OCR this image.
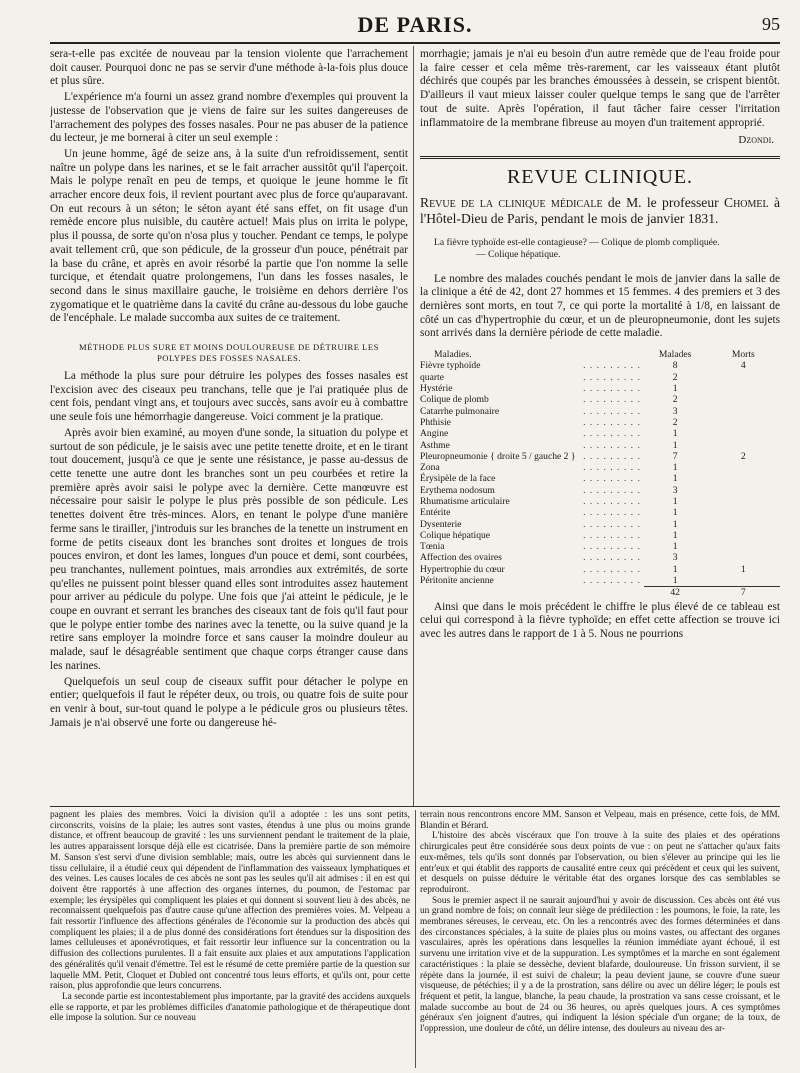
DE PARIS.	95

sera-t-elle pas excitée de nouveau par la tension violente que l'arrachement doit causer. Pourquoi donc ne pas se servir d'une méthode à-la-fois plus douce et plus sûre.

L'expérience m'a fourni un assez grand nombre d'exemples qui prouvent la justesse de l'observation que je viens de faire sur les suites dangereuses de l'arrachement des polypes des fosses nasales. Pour ne pas abuser de la patience du lecteur, je me bornerai à citer un seul exemple :

Un jeune homme, âgé de seize ans, à la suite d'un refroidissement, sentit naître un polype dans les narines, et se le fait arracher aussitôt qu'il l'aperçoit. Mais le polype renaît en peu de temps, et quoique le jeune homme le fît arracher encore deux fois, il revient pourtant avec plus de force qu'auparavant. On eut recours à un séton; le séton ayant été sans effet, on fit usage d'un remède encore plus nuisible, du cautère actuel! Mais plus on irrita le polype, plus il poussa, de sorte qu'on n'osa plus y toucher. Pendant ce temps, le polype avait tellement crû, que son pédicule, de la grosseur d'un pouce, pénétrait par la base du crâne, et après en avoir résorbé la partie que l'on nomme la selle turcique, et étendait quatre prolongemens, l'un dans les fosses nasales, le second dans le sinus maxillaire gauche, le troisième en dehors derrière l'os zygomatique et le quatrième dans la cavité du crâne au-dessous du lobe gauche de l'encéphale. Le malade succomba aux suites de ce traitement.

MÉTHODE PLUS SURE ET MOINS DOULOUREUSE DE DÉTRUIRE LES
POLYPES DES FOSSES NASALES.

La méthode la plus sure pour détruire les polypes des fosses nasales est l'excision avec des ciseaux peu tranchans, telle que je l'ai pratiquée plus de cent fois, pendant vingt ans, et toujours avec succès, sans avoir eu à combattre une seule fois une hémorrhagie dangereuse. Voici comment je la pratique.

Après avoir bien examiné, au moyen d'une sonde, la situation du polype et surtout de son pédicule, je le saisis avec une petite tenette droite, et en le tirant tout doucement, jusqu'à ce que je sente une résistance, je passe au-dessus de cette tenette une autre dont les branches sont un peu courbées et retire la première après avoir saisi le polype avec la dernière. Cette manœuvre est nécessaire pour saisir le polype le plus près possible de son pédicule. Les tenettes doivent être très-minces. Alors, en tenant le polype d'une manière ferme sans le tirailler, j'introduis sur les branches de la tenette un instrument en forme de petits ciseaux dont les branches sont droites et longues de trois pouces environ, et dont les lames, longues d'un pouce et demi, sont courbées, peu tranchantes, nullement pointues, mais arrondies aux extrémités, de sorte qu'elles ne puissent point blesser quand elles sont introduites assez hautement pour arriver au pédicule du polype. Une fois que j'ai atteint le pédicule, je le coupe en ouvrant et serrant les branches des ciseaux tant de fois qu'il faut pour que le polype entier tombe des narines avec la tenette, ou la suive quand je la retire sans employer la moindre force et sans causer la moindre douleur au malade, sauf le désagréable sentiment que chaque corps étranger cause dans les narines.

Quelquefois un seul coup de ciseaux suffit pour détacher le polype en entier; quelquefois il faut le répéter deux, ou trois, ou quatre fois de suite pour en venir à bout, sur-tout quand le polype a le pédicule gros ou plusieurs têtes. Jamais je n'ai observé une forte ou dangereuse hé-

morrhagie; jamais je n'ai eu besoin d'un autre remède que de l'eau froide pour la faire cesser et cela même très-rarement, car les vaisseaux étant plutôt déchirés que coupés par les branches émoussées à dessein, se crispent bientôt. D'ailleurs il vaut mieux laisser couler quelque temps le sang que de l'arrêter tout de suite. Après l'opération, il faut tâcher faire cesser l'irritation inflammatoire de la membrane fibreuse au moyen d'un traitement approprié.

Dzondi.
REVUE CLINIQUE.

Revue de la clinique médicale de M. le professeur Chomel à l'Hôtel-Dieu de Paris, pendant le mois de janvier 1831.

La fièvre typhoïde est-elle contagieuse? — Colique de plomb compliquée.
— Colique hépatique.

Le nombre des malades couchés pendant le mois de janvier dans la salle de la clinique a été de 42, dont 27 hommes et 15 femmes. 4 des premiers et 3 des dernières sont morts, en tout 7, ce qui porte la mortalité à 1/8, en laissant de côté un cas d'hypertrophie du cœur, et un de pleuropneumonie, dont les sujets sont arrivés dans la dernière période de cette maladie.

Maladies.		Malades	Morts
Fièvre typhoïde	. . . . . . . . .	8	4
quarte	. . . . . . . . .	2	
Hystérie	. . . . . . . . .	1	
Colique de plomb	. . . . . . . . .	2	
Catarrhe pulmonaire	. . . . . . . . .	3	
Phthisie	. . . . . . . . .	2	
Angine	. . . . . . . . .	1	
Asthme	. . . . . . . . .	1	
Pleuropneumonie { droite 5 / gauche 2 }	. . . . . . . . .	7	2
Zona	. . . . . . . . .	1	
Érysipèle de la face	. . . . . . . . .	1	
Erythema nodosum	. . . . . . . . .	3	
Rhumatisme articulaire	. . . . . . . . .	1	
Entérite	. . . . . . . . .	1	
Dysenterie	. . . . . . . . .	1	
Colique hépatique	. . . . . . . . .	1	
Tœnia	. . . . . . . . .	1	
Affection des ovaires	. . . . . . . . .	3	
Hypertrophie du cœur	. . . . . . . . .	1	1
Péritonite ancienne	. . . . . . . . .	1	
		42	7

Ainsi que dans le mois précédent le chiffre le plus élevé de ce tableau est celui qui correspond à la fièvre typhoïde; en effet cette affection se trouve ici avec les autres dans le rapport de 1 à 5. Nous ne pourrions

pagnent les plaies des membres. Voici la division qu'il a adoptée : les uns sont petits, circonscrits, voisins de la plaie; les autres sont vastes, étendus à une plus ou moins grande distance, et offrent beaucoup de gravité : les uns surviennent pendant le traitement de la plaie, les autres apparaissent lorsque déjà elle est cicatrisée. Dans la première partie de son mémoire M. Sanson s'est servi d'une division semblable; mais, outre les abcès qui surviennent dans le tissu cellulaire, il a étudié ceux qui dépendent de l'inflammation des vaisseaux lymphatiques et des veines. Les causes locales de ces abcès ne sont pas les seules qu'il ait admises : il en est qui doivent être rapportés à une affection des organes internes, du poumon, de l'estomac par exemple; les érysipèles qui compliquent les plaies et qui donnent si souvent lieu à des abcès, ne reconnaissent quelquefois pas d'autre cause qu'une affection des premières voies. M. Velpeau a fait ressortir l'influence des affections générales de l'économie sur la production des abcès qui compliquent les plaies; il a de plus donné des considérations fort étendues sur la disposition des lames celluleuses et aponévrotiques, et fait ressortir leur influence sur la concentration ou la diffusion des collections purulentes. Il a fait ensuite aux plaies et aux amputations l'application des généralités qu'il venait d'émettre. Tel est le résumé de cette première partie de la question sur laquelle MM. Petit, Cloquet et Dubled ont concentré tous leurs efforts, et qu'ils ont, pour cette raison, plus approfondie que leurs concurrens.

La seconde partie est incontestablement plus importante, par la gravité des accidens auxquels elle se rapporte, et par les problèmes difficiles d'anatomie pathologique et de thérapeutique dont elle impose la solution. Sur ce nouveau

terrain nous rencontrons encore MM. Sanson et Velpeau, mais en présence, cette fois, de MM. Blandin et Bérard.

L'histoire des abcès viscéraux que l'on trouve à la suite des plaies et des opérations chirurgicales peut être considérée sous deux points de vue : on peut ne s'attacher qu'aux faits eux-mêmes, tels qu'ils sont donnés par l'observation, ou bien s'élever au principe qui les lie entr'eux et qui établit des rapports de causalité entre ceux qui précèdent et ceux qui les suivent, et desquels on puisse déduire le véritable état des organes lorsque des cas semblables se reproduiront.

Sous le premier aspect il ne saurait aujourd'hui y avoir de discussion. Ces abcès ont été vus un grand nombre de fois; on connaît leur siège de prédilection : les poumons, le foie, la rate, les membranes séreuses, le cerveau, etc. On les a rencontrés avec des formes déterminées et dans des circonstances spéciales, à la suite de plaies plus ou moins vastes, ou affectant des organes vasculaires, après les opérations dans lesquelles la réunion immédiate ayant échoué, il est survenu une irritation vive et de la suppuration. Les symptômes et la marche en sont également caractéristiques : la plaie se dessèche, devient blafarde, douloureuse. Un frisson survient, il se répète dans la journée, il est suivi de chaleur; la peau devient jaune, se couvre d'une sueur visqueuse, de pétéchies; il y a de la prostration, sans délire ou avec un délire léger; le pouls est fréquent et petit, la langue, blanche, la peau chaude, la prostration va sans cesse croissant, et le malade succombe au bout de 24 ou 36 heures, ou après quelques jours. A ces symptômes généraux s'en joignent d'autres, qui indiquent la lésion spéciale d'un organe; de la toux, de l'oppression, une douleur de côté, un délire intense, des douleurs au niveau des ar-
